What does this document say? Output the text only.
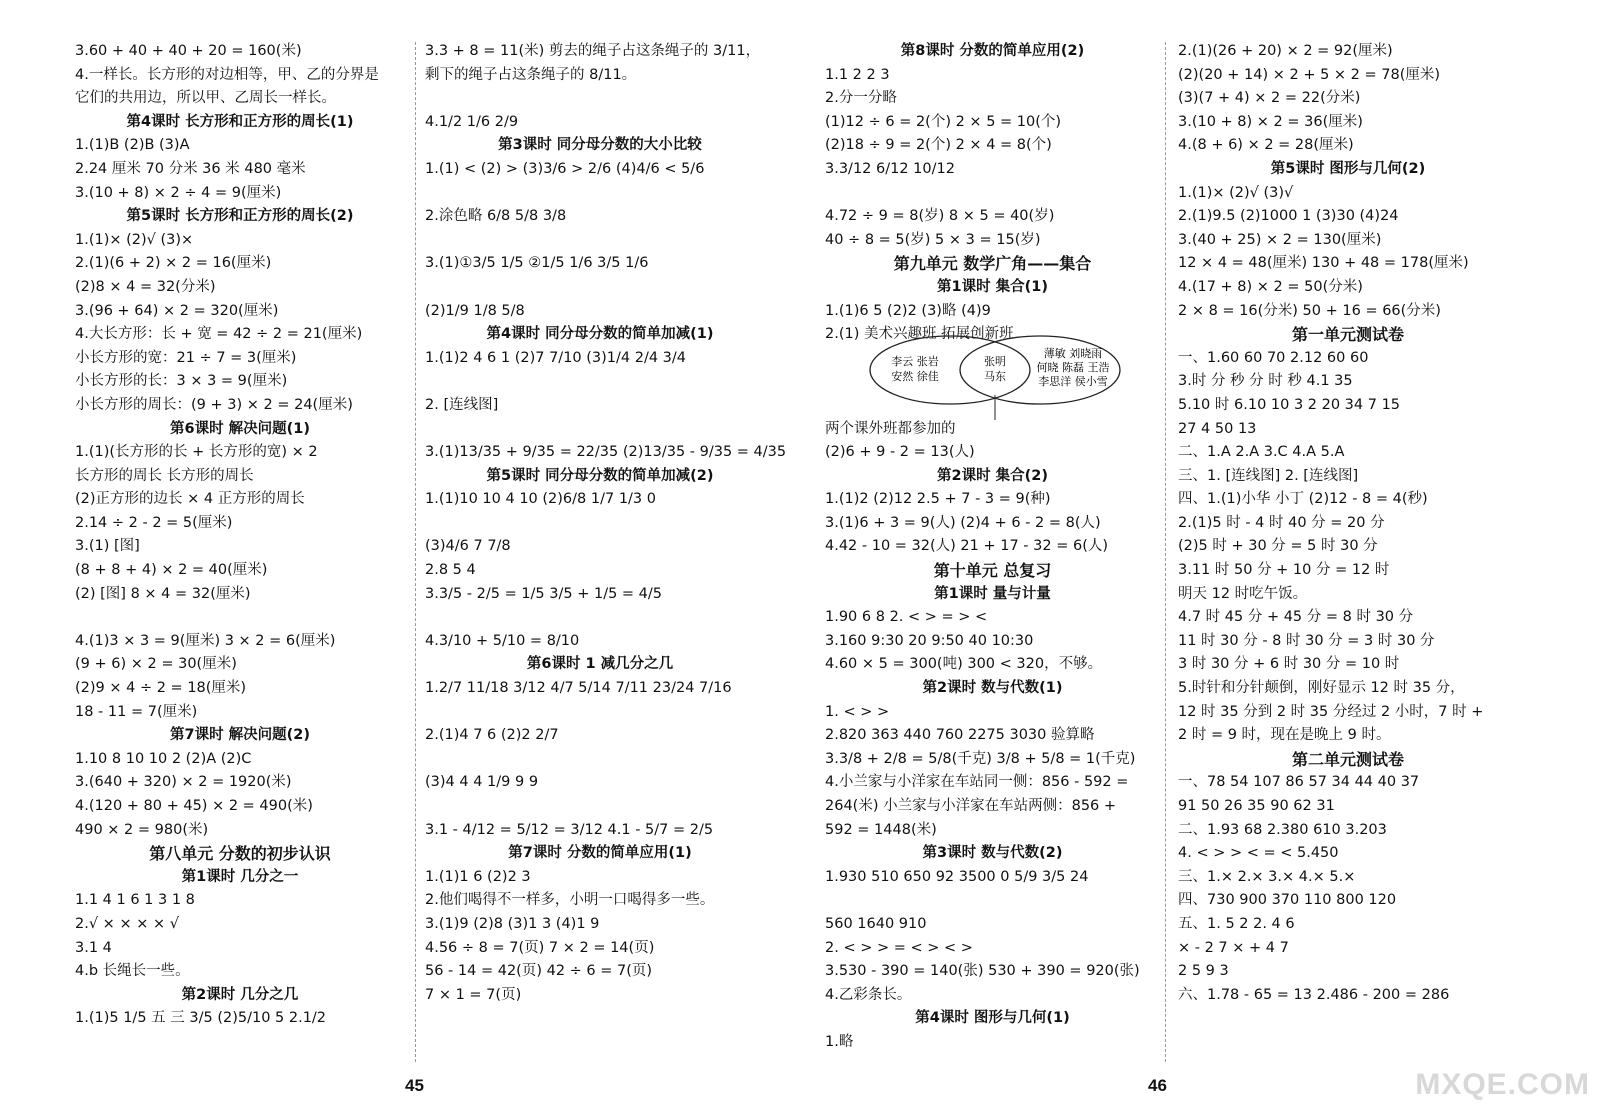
3.60 + 40 + 40 + 20 = 160(米)
4.一样长。长方形的对边相等，甲、乙的分界是
它们的共用边，所以甲、乙周长一样长。
第4课时 长方形和正方形的周长(1)
1.(1)B (2)B (3)A
2.24 厘米 70 分米 36 米 480 毫米
3.(10 + 8) × 2 ÷ 4 = 9(厘米)
第5课时 长方形和正方形的周长(2)
1.(1)× (2)√ (3)×
2.(1)(6 + 2) × 2 = 16(厘米)
(2)8 × 4 = 32(分米)
3.(96 + 64) × 2 = 320(厘米)
4.大长方形：长 + 宽 = 42 ÷ 2 = 21(厘米)
小长方形的宽：21 ÷ 7 = 3(厘米)
小长方形的长：3 × 3 = 9(厘米)
小长方形的周长：(9 + 3) × 2 = 24(厘米)
第6课时 解决问题(1)
1.(1)(长方形的长 + 长方形的宽) × 2
长方形的周长 长方形的周长
(2)正方形的边长 × 4 正方形的周长
2.14 ÷ 2 - 2 = 5(厘米)
3.(1) [图]
(8 + 8 + 4) × 2 = 40(厘米)
(2) [图] 8 × 4 = 32(厘米)
4.(1)3 × 3 = 9(厘米) 3 × 2 = 6(厘米)
(9 + 6) × 2 = 30(厘米)
(2)9 × 4 ÷ 2 = 18(厘米)
18 - 11 = 7(厘米)
第7课时 解决问题(2)
1.10 8 10 10 2 (2)A (2)C
3.(640 + 320) × 2 = 1920(米)
4.(120 + 80 + 45) × 2 = 490(米)
490 × 2 = 980(米)
第八单元 分数的初步认识
第1课时 几分之一
1.1 4 1 6 1 3 1 8
2.√ × × × × √
3.1 4
4.b 长绳长一些。
第2课时 几分之几
1.(1)5 1/5 五 三 3/5 (2)5/10 5 2.1/2
3.3 + 8 = 11(米) 剪去的绳子占这条绳子的 3/11，
剩下的绳子占这条绳子的 8/11。
4.1/2 1/6 2/9
第3课时 同分母分数的大小比较
1.(1) < (2) > (3)3/6 > 2/6 (4)4/6 < 5/6
2.涂色略 6/8 5/8 3/8
3.(1)①3/5 1/5 ②1/5 1/6 3/5 1/6
(2)1/9 1/8 5/8
第4课时 同分母分数的简单加减(1)
1.(1)2 4 6 1 (2)7 7/10 (3)1/4 2/4 3/4
2. [连线图]
3.(1)13/35 + 9/35 = 22/35 (2)13/35 - 9/35 = 4/35
第5课时 同分母分数的简单加减(2)
1.(1)10 10 4 10 (2)6/8 1/7 1/3 0
(3)4/6 7 7/8
2.8 5 4
3.3/5 - 2/5 = 1/5 3/5 + 1/5 = 4/5
4.3/10 + 5/10 = 8/10
第6课时 1 减几分之几
1.2/7 11/18 3/12 4/7 5/14 7/11 23/24 7/16
2.(1)4 7 6 (2)2 2/7
(3)4 4 4 1/9 9 9
3.1 - 4/12 = 5/12 = 3/12 4.1 - 5/7 = 2/5
第7课时 分数的简单应用(1)
1.(1)1 6 (2)2 3
2.他们喝得不一样多，小明一口喝得多一些。
3.(1)9 (2)8 (3)1 3 (4)1 9
4.56 ÷ 8 = 7(页) 7 × 2 = 14(页)
56 - 14 = 42(页) 42 ÷ 6 = 7(页)
7 × 1 = 7(页)
45
第8课时 分数的简单应用(2)
1.1 2 2 3
2.分一分略
(1)12 ÷ 6 = 2(个) 2 × 5 = 10(个)
(2)18 ÷ 9 = 2(个) 2 × 4 = 8(个)
3.3/12 6/12 10/12
4.72 ÷ 9 = 8(岁) 8 × 5 = 40(岁)
40 ÷ 8 = 5(岁) 5 × 3 = 15(岁)
第九单元 数学广角——集合
第1课时 集合(1)
1.(1)6 5 (2)2 (3)略 (4)9
2.(1) 美术兴趣班 拓展创新班
两个课外班都参加的
(2)6 + 9 - 2 = 13(人)
第2课时 集合(2)
1.(1)2 (2)12 2.5 + 7 - 3 = 9(种)
3.(1)6 + 3 = 9(人) (2)4 + 6 - 2 = 8(人)
4.42 - 10 = 32(人) 21 + 17 - 32 = 6(人)
第十单元 总复习
第1课时 量与计量
1.90 6 8 2. < > = > <
3.160 9:30 20 9:50 40 10:30
4.60 × 5 = 300(吨) 300 < 320，不够。
第2课时 数与代数(1)
1. < > >
2.820 363 440 760 2275 3030 验算略
3.3/8 + 2/8 = 5/8(千克) 3/8 + 5/8 = 1(千克)
4.小兰家与小洋家在车站同一侧：856 - 592 =
264(米) 小兰家与小洋家在车站两侧：856 +
592 = 1448(米)
第3课时 数与代数(2)
1.930 510 650 92 3500 0 5/9 3/5 24
560 1640 910
2. < > > = < > < >
3.530 - 390 = 140(张) 530 + 390 = 920(张)
4.乙彩条长。
第4课时 图形与几何(1)
1.略
2.(1)(26 + 20) × 2 = 92(厘米)
(2)(20 + 14) × 2 + 5 × 2 = 78(厘米)
(3)(7 + 4) × 2 = 22(分米)
3.(10 + 8) × 2 = 36(厘米)
4.(8 + 6) × 2 = 28(厘米)
第5课时 图形与几何(2)
1.(1)× (2)√ (3)√
2.(1)9.5 (2)1000 1 (3)30 (4)24
3.(40 + 25) × 2 = 130(厘米)
12 × 4 = 48(厘米) 130 + 48 = 178(厘米)
4.(17 + 8) × 2 = 50(分米)
2 × 8 = 16(分米) 50 + 16 = 66(分米)
第一单元测试卷
一、1.60 60 70 2.12 60 60
3.时 分 秒 分 时 秒 4.1 35
5.10 时 6.10 10 3 2 20 34 7 15
27 4 50 13
二、1.A 2.A 3.C 4.A 5.A
三、1. [连线图] 2. [连线图]
四、1.(1)小华 小丁 (2)12 - 8 = 4(秒)
2.(1)5 时 - 4 时 40 分 = 20 分
(2)5 时 + 30 分 = 5 时 30 分
3.11 时 50 分 + 10 分 = 12 时
明天 12 时吃午饭。
4.7 时 45 分 + 45 分 = 8 时 30 分
11 时 30 分 - 8 时 30 分 = 3 时 30 分
3 时 30 分 + 6 时 30 分 = 10 时
5.时针和分针颠倒，刚好显示 12 时 35 分，
12 时 35 分到 2 时 35 分经过 2 小时，7 时 +
2 时 = 9 时，现在是晚上 9 时。
第二单元测试卷
一、78 54 107 86 57 34 44 40 37
91 50 26 35 90 62 31
二、1.93 68 2.380 610 3.203
4. < > > < = < 5.450
三、1.× 2.× 3.× 4.× 5.×
四、730 900 370 110 800 120
五、1. 5 2 2. 4 6
× - 2 7 × + 4 7
2 5 9 3
六、1.78 - 65 = 13 2.486 - 200 = 286
46
李云 张岩
安然 徐佳
张明
马东
薄敏 刘晓雨
何晓 陈磊 王浩
李思洋 侯小雪
MXQE.COM
